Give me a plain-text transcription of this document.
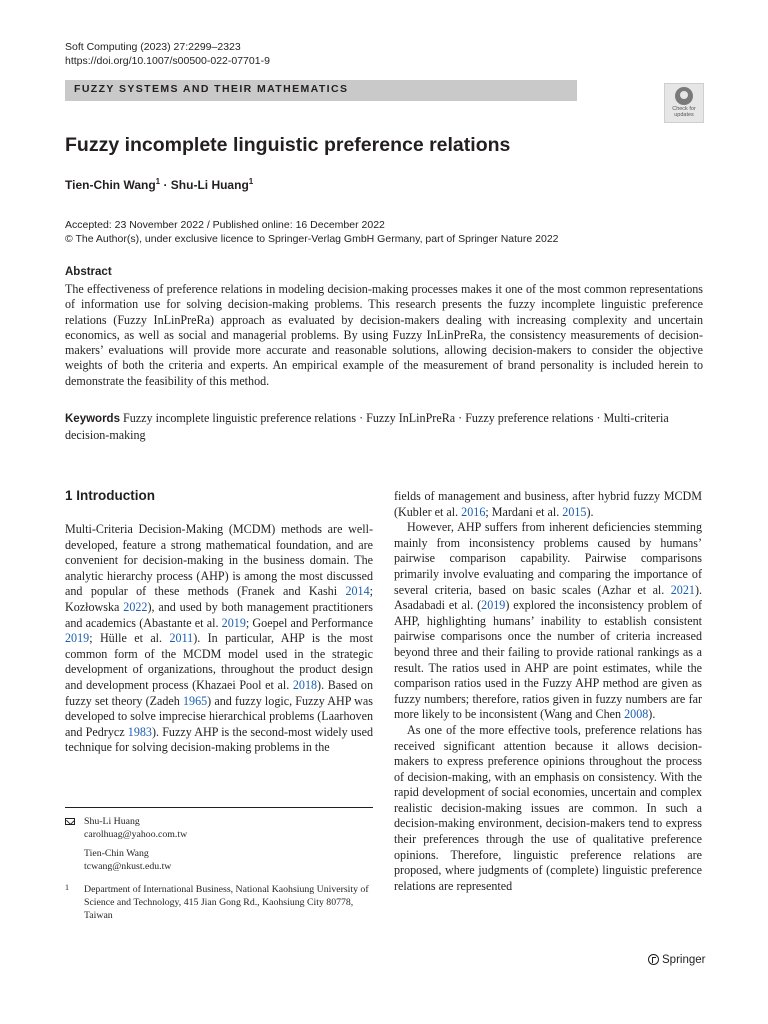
Soft Computing (2023) 27:2299–2323
https://doi.org/10.1007/s00500-022-07701-9
FUZZY SYSTEMS AND THEIR MATHEMATICS
Check for
updates
Fuzzy incomplete linguistic preference relations
Tien-Chin Wang$^1$ · Shu-Li Huang$^1$
Accepted: 23 November 2022 / Published online: 16 December 2022
© The Author(s), under exclusive licence to Springer-Verlag GmbH Germany, part of Springer Nature 2022
Abstract
The effectiveness of preference relations in modeling decision-making processes makes it one of the most common representations of information use for solving decision-making problems. This research presents the fuzzy incomplete linguistic preference relations (Fuzzy InLinPreRa) approach as evaluated by decision-makers dealing with increasing complexity and uncertain economics, as well as social and managerial problems. By using Fuzzy InLinPreRa, the consistency measurements of decision-makers’ evaluations will provide more accurate and reasonable solutions, allowing decision-makers to consider the objective weights of both the criteria and experts. An empirical example of the measurement of brand personality is included herein to demonstrate the feasibility of this method.
Keywords Fuzzy incomplete linguistic preference relations · Fuzzy InLinPreRa · Fuzzy preference relations · Multi-criteria decision-making
1 Introduction

Multi-Criteria Decision-Making (MCDM) methods are well-developed, feature a strong mathematical foundation, and are convenient for decision-making in the business domain. The analytic hierarchy process (AHP) is among the most discussed and popular of these methods (Franek and Kashi 2014; Kozłowska 2022), and used by both management practitioners and academics (Abastante et al. 2019; Goepel and Performance 2019; Hülle et al. 2011). In particular, AHP is the most common form of the MCDM model used in the strategic development of organizations, throughout the product design and development process (Khazaei Pool et al. 2018). Based on fuzzy set theory (Zadeh 1965) and fuzzy logic, Fuzzy AHP was developed to solve imprecise hierarchical problems (Laarhoven and Pedrycz 1983). Fuzzy AHP is the second-most widely used technique for solving decision-making problems in the

fields of management and business, after hybrid fuzzy MCDM (Kubler et al. 2016; Mardani et al. 2015).

However, AHP suffers from inherent deficiencies stemming mainly from inconsistency problems caused by humans’ pairwise comparison capability. Pairwise comparisons primarily involve evaluating and comparing the importance of several criteria, based on basic scales (Azhar et al. 2021). Asadabadi et al. (2019) explored the inconsistency problem of AHP, highlighting humans’ inability to establish consistent pairwise comparisons once the number of criteria increased beyond three and their failing to provide rational rankings as a result. The ratios used in AHP are point estimates, while the comparison ratios used in the Fuzzy AHP method are given as fuzzy numbers; therefore, ratios given in fuzzy numbers are far more likely to be inconsistent (Wang and Chen 2008).

As one of the more effective tools, preference relations has received significant attention because it allows decision-makers to express preference opinions throughout the process of decision-making, with an emphasis on consistency. With the rapid development of social economies, uncertain and complex realistic decision-making issues are common. In such a decision-making environment, decision-makers tend to express their preferences through the use of qualitative preference opinions. Therefore, linguistic preference relations are proposed, where judgments of (complete) linguistic preference relations are represented

Shu-Li Huang
carolhuag@yahoo.com.tw
Tien-Chin Wang
tcwang@nkust.edu.tw
1 Department of International Business, National Kaohsiung University of Science and Technology, 415 Jian Gong Rd., Kaohsiung City 80778, Taiwan
Springer
